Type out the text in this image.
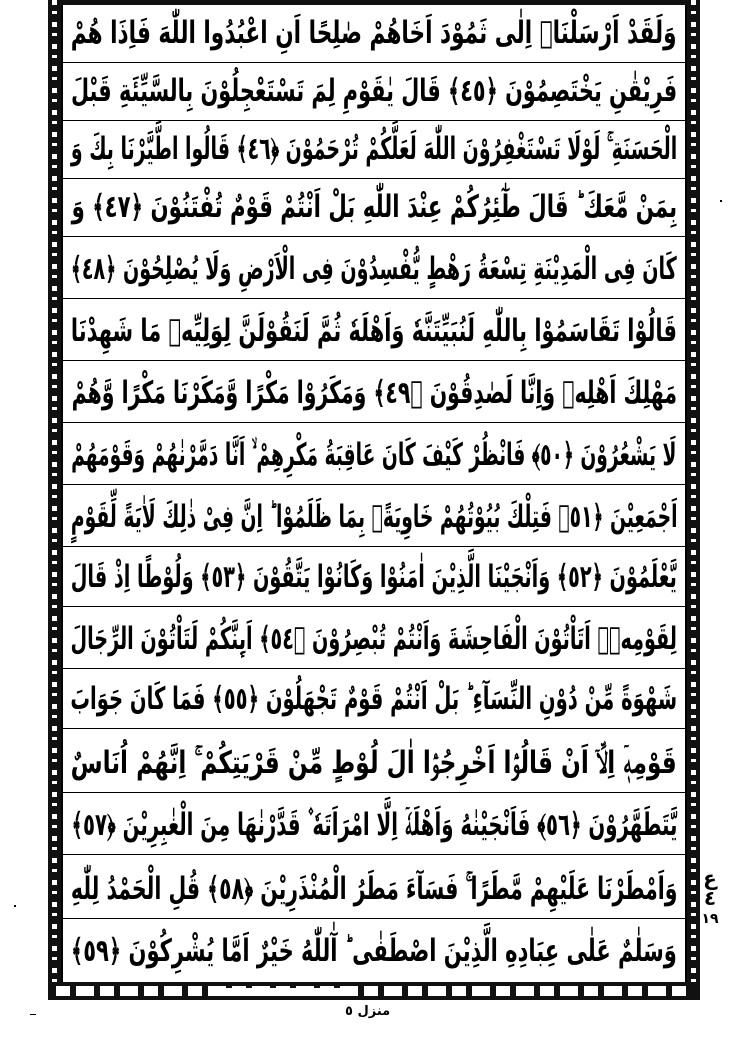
وَلَقَدْ اَرْسَلْنَاۤ اِلٰی ثَمُوْدَ اَخَاهُمْ صٰلِحًا اَنِ اعْبُدُوا اللّٰهَ فَاِذَا هُمْ
فَرِیْقٰنِ یَخْتَصِمُوْنَ ﴿٤٥﴾ قَالَ یٰقَوْمِ لِمَ تَسْتَعْجِلُوْنَ بِالسَّیِّئَةِ قَبْلَ
الْحَسَنَةِ ۚ لَوْلَا تَسْتَغْفِرُوْنَ اللّٰهَ لَعَلَّكُمْ تُرْحَمُوْنَ ﴿٤٦﴾ قَالُوا اطَّیَّرْنَا بِكَ وَ
بِمَنْ مَّعَكَ ؕ قَالَ طٰٓئِرُكُمْ عِنْدَ اللّٰهِ بَلْ اَنْتُمْ قَوْمٌ تُفْتَنُوْنَ ﴿٤٧﴾ وَ
كَانَ فِی الْمَدِیْنَةِ تِسْعَةُ رَهْطٍ یُّفْسِدُوْنَ فِی الْاَرْضِ وَلَا یُصْلِحُوْنَ ﴿٤٨﴾
قَالُوْا تَقَاسَمُوْا بِاللّٰهِ لَنُبَیِّتَنَّهٗ وَاَهْلَهٗ ثُمَّ لَنَقُوْلَنَّ لِوَلِیِّهٖ مَا شَهِدْنَا
مَهْلِكَ اَهْلِهٖ وَاِنَّا لَصٰدِقُوْنَ ﴿٤٩﴾ وَمَكَرُوْا مَكْرًا وَّمَكَرْنَا مَكْرًا وَّهُمْ
لَا یَشْعُرُوْنَ ﴿٥٠﴾ فَانْظُرْ كَیْفَ كَانَ عَاقِبَةُ مَكْرِهِمْ ۙ اَنَّا دَمَّرْنٰهُمْ وَقَوْمَهُمْ
اَجْمَعِیْنَ ﴿٥١﴾ فَتِلْكَ بُیُوْتُهُمْ خَاوِیَةًۢ بِمَا ظَلَمُوْا ؕ اِنَّ فِیْ ذٰلِكَ لَاٰیَةً لِّقَوْمٍ
یَّعْلَمُوْنَ ﴿٥٢﴾ وَاَنْجَیْنَا الَّذِیْنَ اٰمَنُوْا وَكَانُوْا یَتَّقُوْنَ ﴿٥٣﴾ وَلُوْطًا اِذْ قَالَ
لِقَوْمِهٖۤ اَتَاْتُوْنَ الْفَاحِشَةَ وَاَنْتُمْ تُبْصِرُوْنَ ﴿٥٤﴾ اَىِٕنَّكُمْ لَتَاْتُوْنَ الرِّجَالَ
شَهْوَةً مِّنْ دُوْنِ النِّسَآءِ ؕ بَلْ اَنْتُمْ قَوْمٌ تَجْهَلُوْنَ ﴿٥٥﴾ فَمَا كَانَ جَوَابَ
قَوْمِهٖۤ اِلَّاۤ اَنْ قَالُوْۤا اَخْرِجُوْۤا اٰلَ لُوْطٍ مِّنْ قَرْیَتِكُمْ ۚ اِنَّهُمْ اُنَاسٌ
یَّتَطَهَّرُوْنَ ﴿٥٦﴾ فَاَنْجَیْنٰهُ وَاَهْلَهٗۤ اِلَّا امْرَاَتَهٗ ۫ قَدَّرْنٰهَا مِنَ الْغٰبِرِیْنَ ﴿٥٧﴾
وَاَمْطَرْنَا عَلَیْهِمْ مَّطَرًا ۚ فَسَآءَ مَطَرُ الْمُنْذَرِیْنَ ﴿٥٨﴾ قُلِ الْحَمْدُ لِلّٰهِ
وَسَلٰمٌ عَلٰی عِبَادِهِ الَّذِیْنَ اصْطَفٰی ؕ آٰللّٰهُ خَیْرٌ اَمَّا یُشْرِكُوْنَ ﴿٥٩﴾
ع
٤
١٩
منزل ٥
